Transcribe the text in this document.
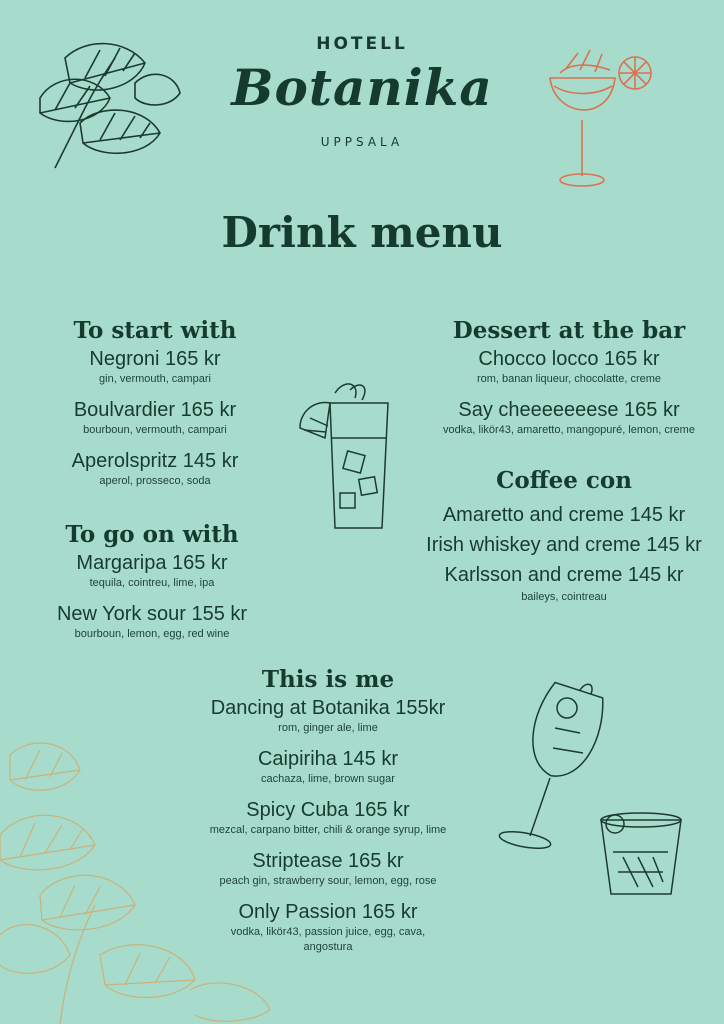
HOTELL
Botanika
UPPSALA
Drink menu
To start with
Negroni 165 kr
gin, vermouth, campari
Boulvardier 165 kr
bourboun, vermouth, campari
Aperolspritz 145 kr
aperol, prosseco, soda
To go on with
Margaripa 165 kr
tequila, cointreu, lime, ipa
New York sour 155 kr
bourboun, lemon, egg, red wine
Dessert at the bar
Chocco locco 165 kr
rom, banan liqueur, chocolatte, creme
Say cheeeeeeese 165 kr
vodka, likör43, amaretto, mangopuré, lemon, creme
Coffee con
Amaretto and creme 145 kr
Irish whiskey and creme 145 kr
Karlsson and creme 145 kr
baileys, cointreau
This is me
Dancing at Botanika 155kr
rom, ginger ale, lime
Caipiriha 145 kr
cachaza, lime, brown sugar
Spicy Cuba 165 kr
mezcal, carpano bitter, chili & orange syrup, lime
Striptease 165 kr
peach gin, strawberry sour, lemon, egg, rose
Only Passion 165 kr
vodka, likör43, passion juice, egg, cava,
angostura
